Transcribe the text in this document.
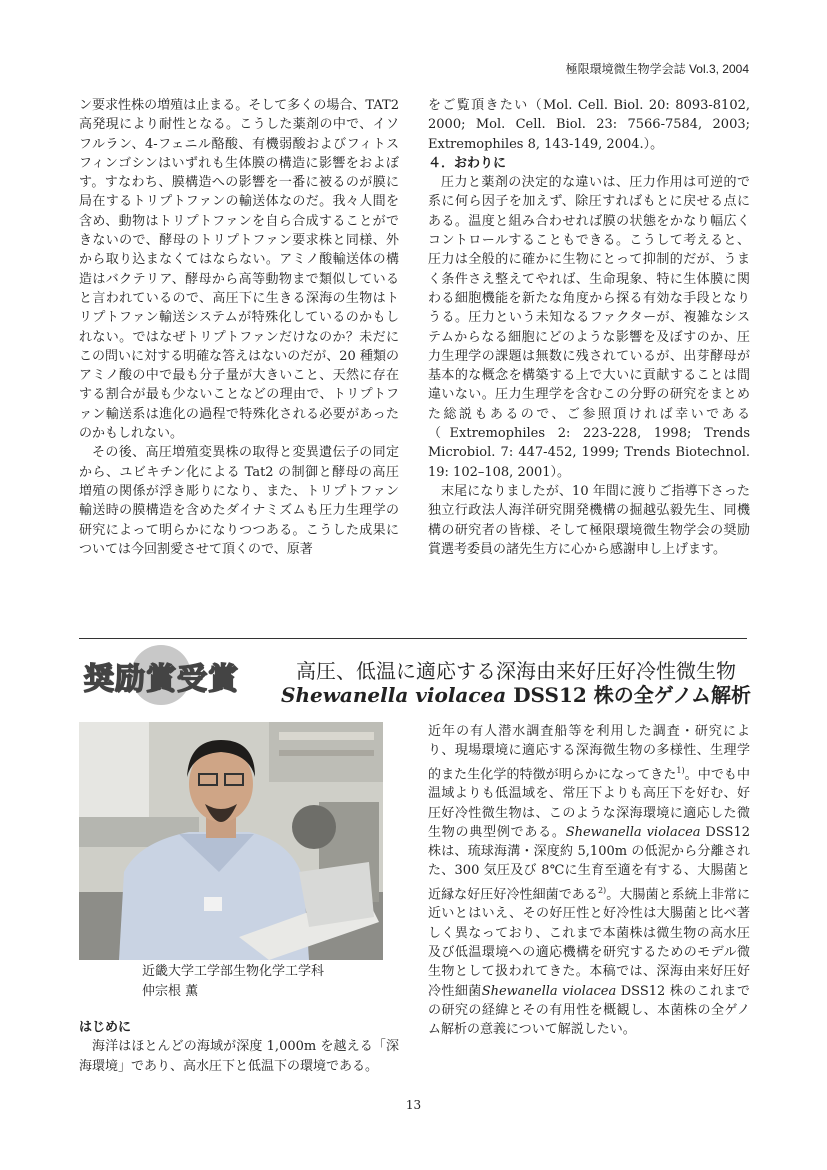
極限環境微生物学会誌 Vol.3, 2004

ン要求性株の増殖は止まる。そして多くの場合、TAT2 高発現により耐性となる。こうした薬剤の中で、イソフルラン、4-フェニル酪酸、有機弱酸およびフィトスフィンゴシンはいずれも生体膜の構造に影響をおよぼす。すなわち、膜構造への影響を一番に被るのが膜に局在するトリプトファンの輸送体なのだ。我々人間を含め、動物はトリプトファンを自ら合成することができないので、酵母のトリプトファン要求株と同様、外から取り込まなくてはならない。アミノ酸輸送体の構造はバクテリア、酵母から高等動物まで類似していると言われているので、高圧下に生きる深海の生物はトリプトファン輸送システムが特殊化しているのかもしれない。ではなぜトリプトファンだけなのか？未だにこの問いに対する明確な答えはないのだが、20 種類のアミノ酸の中で最も分子量が大きいこと、天然に存在する割合が最も少ないことなどの理由で、トリプトファン輸送系は進化の過程で特殊化される必要があったのかもしれない。

その後、高圧増殖変異株の取得と変異遺伝子の同定から、ユビキチン化による Tat2 の制御と酵母の高圧増殖の関係が浮き彫りになり、また、トリプトファン輸送時の膜構造を含めたダイナミズムも圧力生理学の研究によって明らかになりつつある。こうした成果については今回割愛させて頂くので、原著

をご覧頂きたい（Mol. Cell. Biol. 20: 8093-8102, 2000; Mol. Cell. Biol. 23: 7566-7584, 2003; Extremophiles 8, 143-149, 2004.）。

４．おわりに

圧力と薬剤の決定的な違いは、圧力作用は可逆的で系に何ら因子を加えず、除圧すればもとに戻せる点にある。温度と組み合わせれば膜の状態をかなり幅広くコントロールすることもできる。こうして考えると、圧力は全般的に確かに生物にとって抑制的だが、うまく条件さえ整えてやれば、生命現象、特に生体膜に関わる細胞機能を新たな角度から探る有効な手段となりうる。圧力という未知なるファクターが、複雑なシステムからなる細胞にどのような影響を及ぼすのか、圧力生理学の課題は無数に残されているが、出芽酵母が基本的な概念を構築する上で大いに貢献することは間違いない。圧力生理学を含むこの分野の研究をまとめた総説もあるので、ご参照頂ければ幸いである（Extremophiles 2: 223-228, 1998; Trends Microbiol. 7: 447-452, 1999; Trends Biotechnol. 19: 102–108, 2001）。

末尾になりましたが、10 年間に渡りご指導下さった独立行政法人海洋研究開発機構の掘越弘毅先生、同機構の研究者の皆様、そして極限環境微生物学会の奨励賞選考委員の諸先生方に心から感謝申し上げます。

奨励賞受賞	高圧、低温に適応する深海由来好圧好冷性微生物
Shewanella violacea DSS12 株の全ゲノム解析
近畿大学工学部生物化学工学科
仲宗根 薫
はじめに

海洋はほとんどの海域が深度 1,000m を越える「深海環境」であり、高水圧下と低温下の環境である。

近年の有人潜水調査船等を利用した調査・研究により、現場環境に適応する深海微生物の多様性、生理学的また生化学的特徴が明らかになってきた$^{1)}$。中でも中温域よりも低温域を、常圧下よりも高圧下を好む、好圧好冷性微生物は、このような深海環境に適応した微生物の典型例である。Shewanella violacea DSS12 株は、琉球海溝・深度約 5,100m の低泥から分離された、300 気圧及び 8℃に生育至適を有する、大腸菌と近縁な好圧好冷性細菌である$^{2)}$。大腸菌と系統上非常に近いとはいえ、その好圧性と好冷性は大腸菌と比べ著しく異なっており、これまで本菌株は微生物の高水圧及び低温環境への適応機構を研究するためのモデル微生物として扱われてきた。本稿では、深海由来好圧好冷性細菌Shewanella violacea DSS12 株のこれまでの研究の経緯とその有用性を概観し、本菌株の全ゲノム解析の意義について解説したい。

13
